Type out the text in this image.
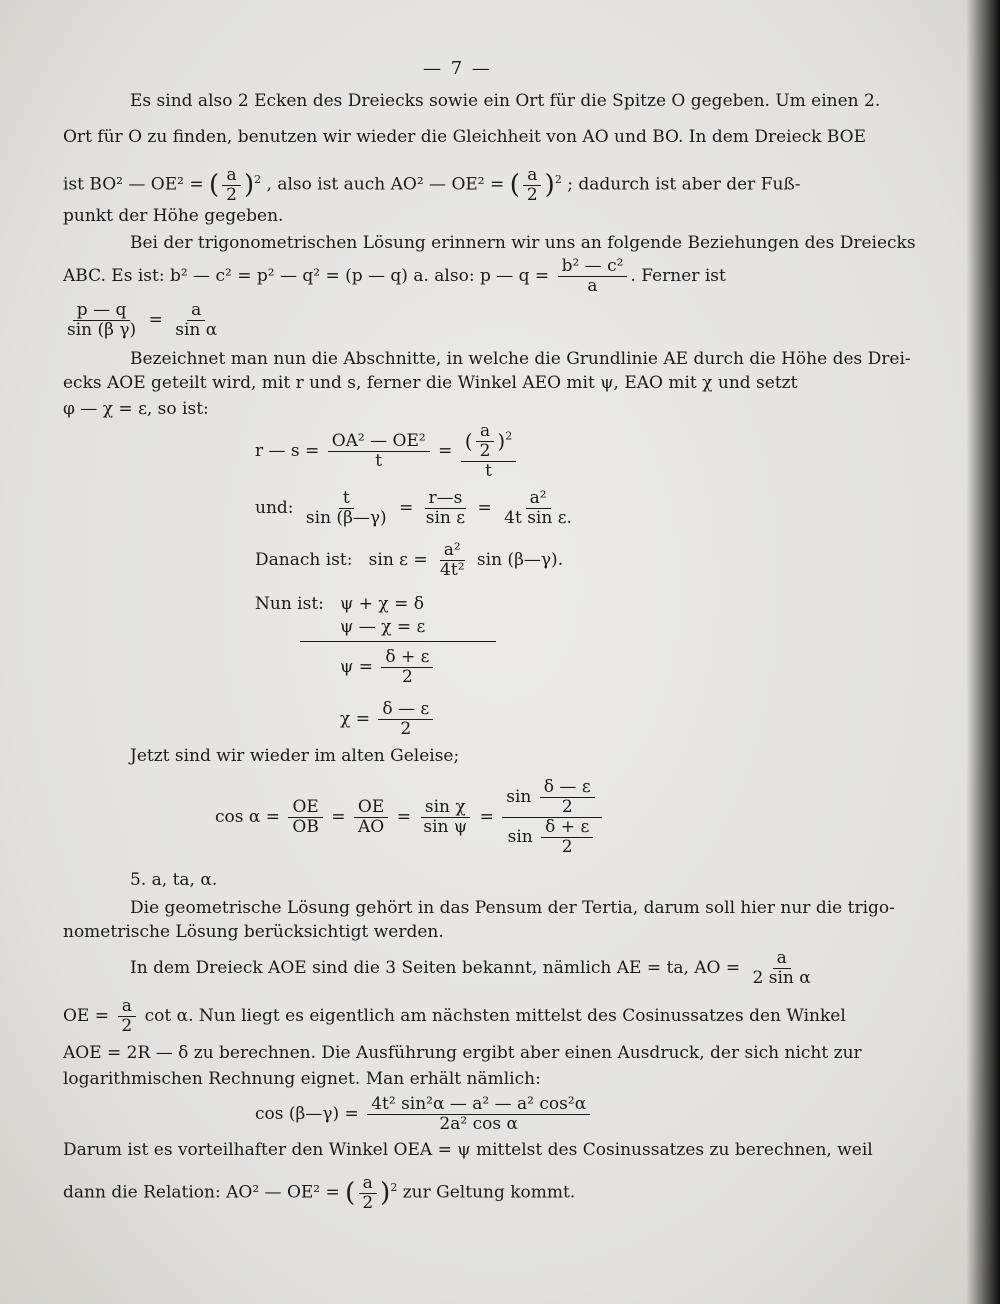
— 7 —
Es sind also 2 Ecken des Dreiecks sowie ein Ort für die Spitze O gegeben. Um einen 2.
Ort für O zu finden, benutzen wir wieder die Gleichheit von AO und BO. In dem Dreieck BOE
ist BO² — OE² = ( $\frac{a}{2} )^2$ , also ist auch AO² — OE² = ( $\frac{a}{2} )^2$ ; dadurch ist aber der Fuß-
punkt der Höhe gegeben.
Bei der trigonometrischen Lösung erinnern wir uns an folgende Beziehungen des Dreiecks
ABC. Es ist: b² — c² = p² — q² = (p — q) a. also: p — $q = \frac{\text{b² — c²}}{a}$ . Ferner ist
$\frac{p — q}{\text{sin (β γ)}} = \frac{a}{\text{sin α}}$
Bezeichnet man nun die Abschnitte, in welche die Grundlinie AE durch die Höhe des Drei-
ecks AOE geteilt wird, mit r und s, ferner die Winkel AEO mit ψ, EAO mit χ und setzt
φ — χ = ε, so ist:
r — $s = \frac{\text{OA² — OE²}}{t} = \frac{( \frac{a}{2} )^2}{t}$
und: $\frac{t}{\sin (\beta—\gamma)} = \frac{r—s}{\text{sin ε}} = \frac{\text{a²}}{\text{4t sin ε.}}$
Danach ist: $\sin \varepsilon = \frac{\text{a²}}{\text{4t²}}$ sin (β—γ).
Nun ist: ψ + χ = δ
ψ — χ = ε
$\psi = \frac{\delta + \varepsilon}{2}$
$\chi = \frac{\delta — \varepsilon}{2}$
Jetzt sind wir wieder im alten Geleise;
$\cos \alpha = \frac{OE}{OB} = \frac{OE}{AO} = \frac{\text{sin χ}}{\text{sin ψ}} = \frac{\sin \frac{\delta — \varepsilon}{2}}{\sin \frac{\delta + \varepsilon}{2}}$
5. a, ta, α.
Die geometrische Lösung gehört in das Pensum der Tertia, darum soll hier nur die trigo-
nometrische Lösung berücksichtigt werden.
In dem Dreieck AOE sind die 3 Seiten bekannt, nämlich AE = ta, AO = $\frac{a}{\text{2 sin α}}$
OE = $\frac{a}{2}$ cot α. Nun liegt es eigentlich am nächsten mittelst des Cosinussatzes den Winkel
AOE = 2R — δ zu berechnen. Die Ausführung ergibt aber einen Ausdruck, der sich nicht zur
logarithmischen Rechnung eignet. Man erhält nämlich:
cos (β—γ) = $\frac{\text{4t² sin²α — a² — a² cos²α}}{\text{2a² cos α}}$
Darum ist es vorteilhafter den Winkel OEA = ψ mittelst des Cosinussatzes zu berechnen, weil
dann die Relation: AO² — OE² = ( $\frac{a}{2} )^2$ zur Geltung kommt.
